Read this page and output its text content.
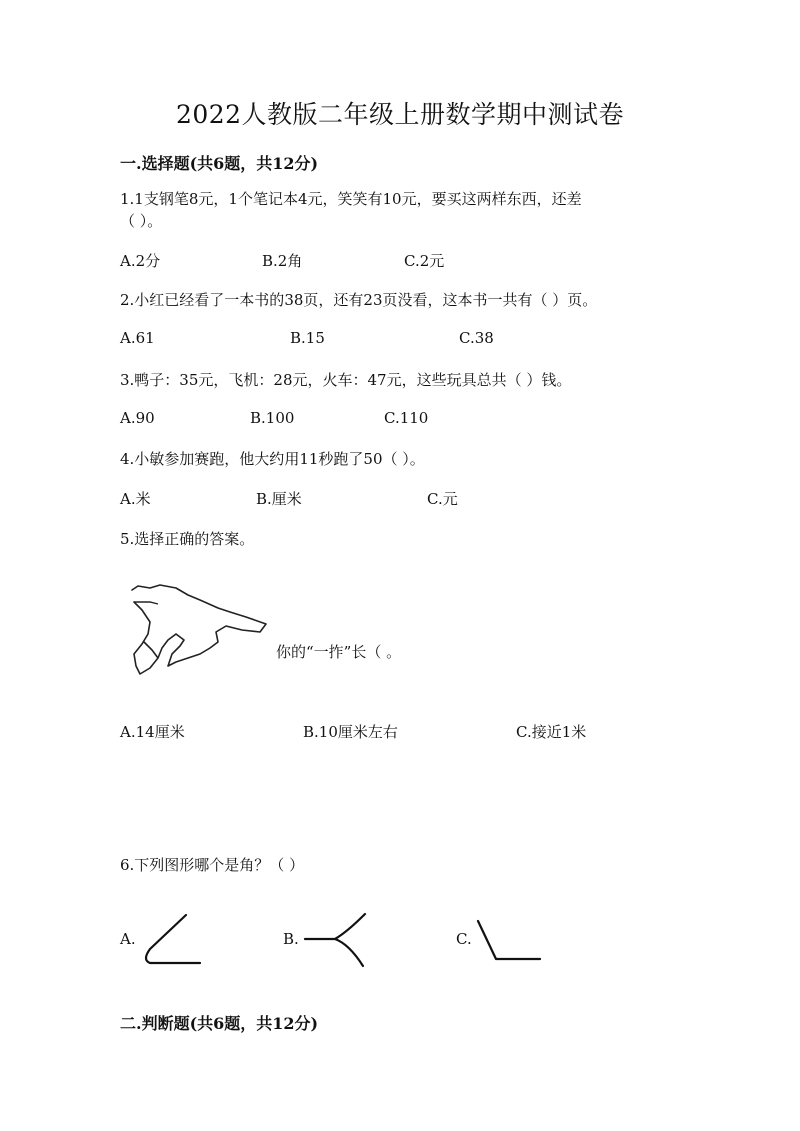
2022人教版二年级上册数学期中测试卷
一.选择题(共6题，共12分)
1.1支钢笔8元，1个笔记本4元，笑笑有10元，要买这两样东西，还差
（ ）。
A.2分	B.2角	C.2元
2.小红已经看了一本书的38页，还有23页没看，这本书一共有（ ）页。
A.61	B.15	C.38
3.鸭子：35元，飞机：28元，火车：47元，这些玩具总共（ ）钱。
A.90	B.100	C.110
4.小敏参加赛跑，他大约用11秒跑了50（ ）。
A.米	B.厘米	C.元
5.选择正确的答案。
你的“一拃”长（ 。
A.14厘米	B.10厘米左右	C.接近1米
6.下列图形哪个是角？（ ）
A.	B.	C.
二.判断题(共6题，共12分)
